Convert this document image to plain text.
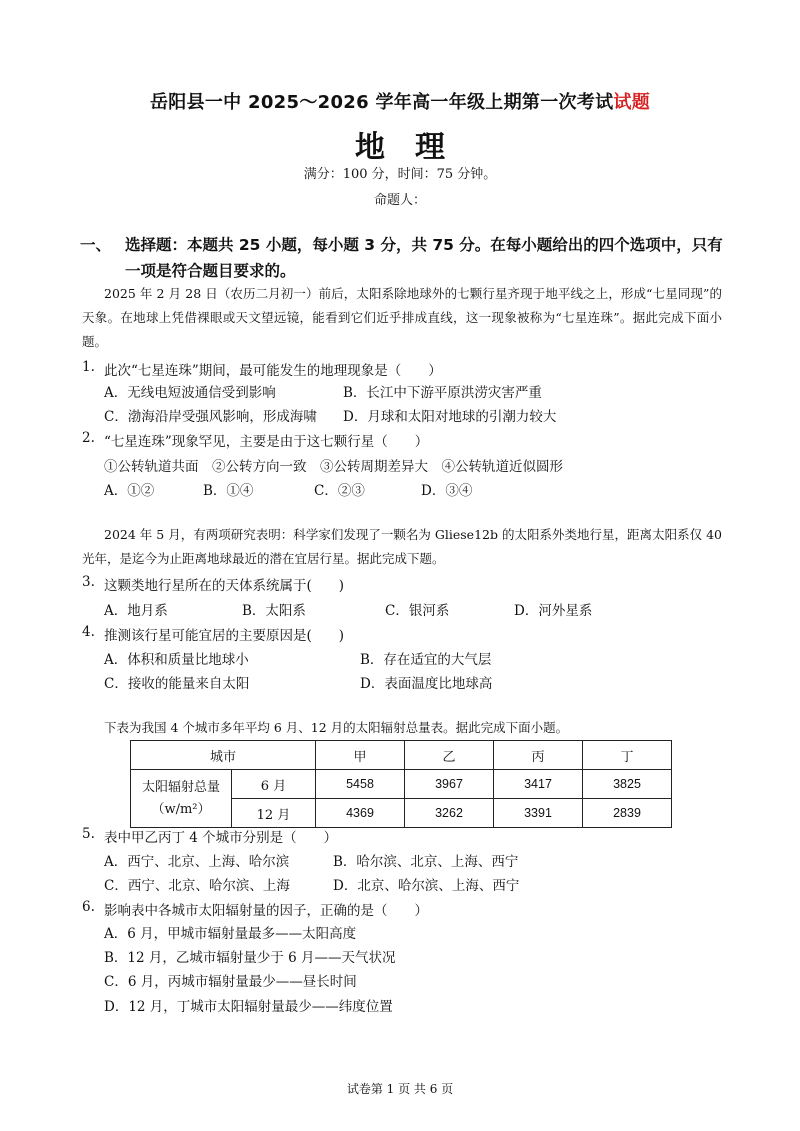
岳阳县一中 2025～2026 学年高一年级上期第一次考试试题
地　理
满分：100 分，时间：75 分钟。
命题人：
一、 选择题：本题共 25 小题，每小题 3 分，共 75 分。在每小题给出的四个选项中，只有
一项是符合题目要求的。
2025 年 2 月 28 日（农历二月初一）前后，太阳系除地球外的七颗行星齐现于地平线之上，形成“七星同现”的天象。在地球上凭借裸眼或天文望远镜，能看到它们近乎排成直线，这一现象被称为“七星连珠”。据此完成下面小题。
1. 此次“七星连珠”期间，最可能发生的地理现象是（　　）
A．无线电短波通信受到影响	B．长江中下游平原洪涝灾害严重
C．渤海沿岸受强风影响，形成海啸 D．月球和太阳对地球的引潮力较大
2. “七星连珠”现象罕见，主要是由于这七颗行星（　　）
①公转轨道共面　②公转方向一致　③公转周期差异大　④公转轨道近似圆形
A．①②	B．①④	C．②③	D．③④
2024 年 5 月，有两项研究表明：科学家们发现了一颗名为 Gliese12b 的太阳系外类地行星，距离太阳系仅 40 光年，是迄今为止距离地球最近的潜在宜居行星。据此完成下题。
3. 这颗类地行星所在的天体系统属于(　　)
A．地月系	B．太阳系	C．银河系	D．河外星系
4. 推测该行星可能宜居的主要原因是(　　)
A．体积和质量比地球小	B．存在适宜的大气层
C．接收的能量来自太阳	D．表面温度比地球高
下表为我国 4 个城市多年平均 6 月、12 月的太阳辐射总量表。据此完成下面小题。
城市		甲	乙	丙	丁
太阳辐射总量
（w/m²）	6 月	5458	3967	3417	3825
	12 月	4369	3262	3391	2839
5. 表中甲乙丙丁 4 个城市分别是（　　）
A．西宁、北京、上海、哈尔滨	B．哈尔滨、北京、上海、西宁
C．西宁、北京、哈尔滨、上海	D．北京、哈尔滨、上海、西宁
6. 影响表中各城市太阳辐射量的因子，正确的是（　　）
A．6 月，甲城市辐射量最多——太阳高度
B．12 月，乙城市辐射量少于 6 月——天气状况
C．6 月，丙城市辐射量最少——昼长时间
D．12 月，丁城市太阳辐射量最少——纬度位置
试卷第 1 页 共 6 页
